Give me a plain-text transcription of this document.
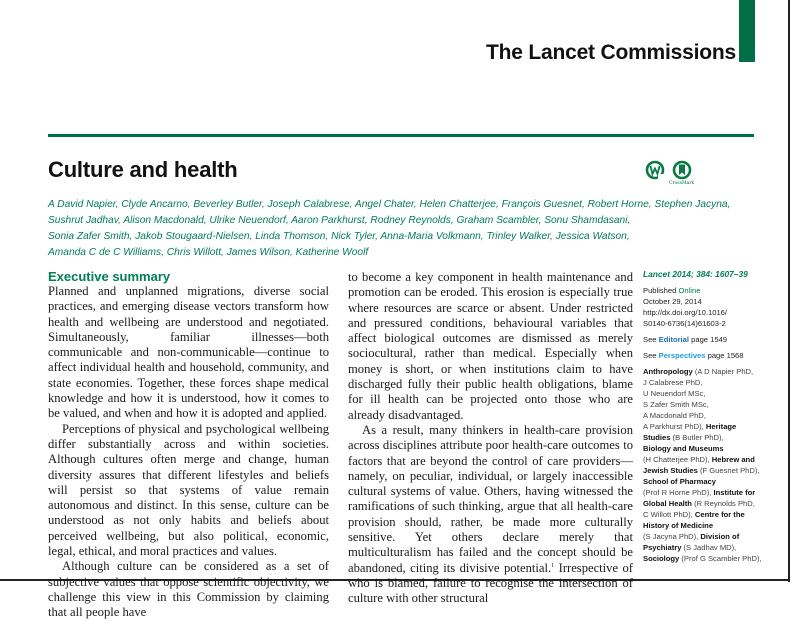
The Lancet Commissions
Culture and health
CrossMark
A David Napier, Clyde Ancarno, Beverley Butler, Joseph Calabrese, Angel Chater, Helen Chatterjee, François Guesnet, Robert Horne, Stephen Jacyna,
Sushrut Jadhav, Alison Macdonald, Ulrike Neuendorf, Aaron Parkhurst, Rodney Reynolds, Graham Scambler, Sonu Shamdasani,
Sonia Zafer Smith, Jakob Stougaard-Nielsen, Linda Thomson, Nick Tyler, Anna-Maria Volkmann, Trinley Walker, Jessica Watson,
Amanda C de C Williams, Chris Willott, James Wilson, Katherine Woolf
Executive summary

Planned and unplanned migrations, diverse social practices, and emerging disease vectors transform how health and wellbeing are understood and negotiated. Simultaneously, familiar illnesses—both communicable and non-communicable—continue to affect individual health and household, community, and state economies. Together, these forces shape medical knowledge and how it is understood, how it comes to be valued, and when and how it is adopted and applied.

Perceptions of physical and psychological wellbeing differ substantially across and within societies. Although cultures often merge and change, human diversity assures that different lifestyles and beliefs will persist so that systems of value remain autonomous and distinct. In this sense, culture can be understood as not only habits and beliefs about perceived wellbeing, but also political, economic, legal, ethical, and moral practices and values.

Although culture can be considered as a set of subjective values that oppose scientific objectivity, we challenge this view in this Commission by claiming that all people have

to become a key component in health maintenance and promotion can be eroded. This erosion is especially true where resources are scarce or absent. Under restricted and pressured conditions, behavioural variables that affect biological outcomes are dismissed as merely sociocultural, rather than medical. Especially when money is short, or when institutions claim to have discharged fully their public health obligations, blame for ill health can be projected onto those who are already disadvantaged.

As a result, many thinkers in health-care provision across disciplines attribute poor health-care outcomes to factors that are beyond the control of care providers—namely, on peculiar, individual, or largely inaccessible cultural systems of value. Others, having witnessed the ramifications of such thinking, argue that all health-care provision should, rather, be made more culturally sensitive. Yet others declare merely that multiculturalism has failed and the concept should be abandoned, citing its divisive potential.$^1$ Irrespective of who is blamed, failure to recognise the intersection of culture with other structural

Lancet 2014; 384: 1607–39
Published Online
October 29, 2014
http://dx.doi.org/10.1016/
S0140-6736(14)61603-2
See Editorial page 1549
See Perspectives page 1568
Anthropology (A D Napier PhD,
J Calabrese PhD,
U Neuendorf MSc,
S Zafer Smith MSc,
A Macdonald PhD,
A Parkhurst PhD), Heritage
Studies (B Butler PhD),
Biology and Museums
(H Chatterjee PhD), Hebrew and
Jewish Studies (F Guesnet PhD),
School of Pharmacy
(Prof R Horne PhD), Institute for
Global Health (R Reynolds PhD,
C Willott PhD), Centre for the
History of Medicine
(S Jacyna PhD), Division of
Psychiatry (S Jadhav MD),
Sociology (Prof G Scambler PhD),
